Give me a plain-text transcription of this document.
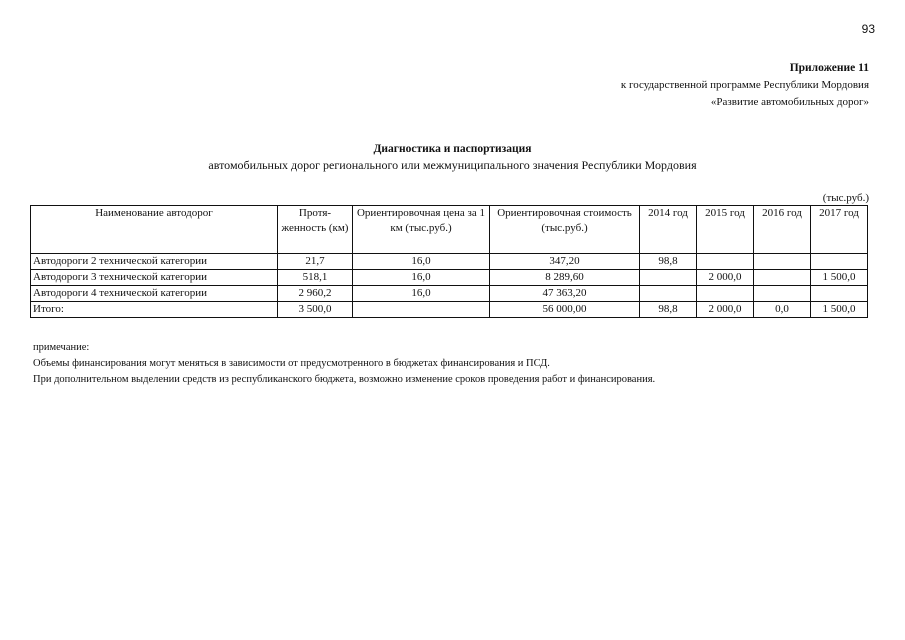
93
Приложение 11
к государственной программе Республики Мордовия
«Развитие автомобильных дорог»
Диагностика и паспортизация
автомобильных дорог регионального или межмуниципального значения Республики Мордовия
(тыс.руб.)
Наименование автодорог	Протя-женность (км)	Ориентировочная цена за 1 км (тыс.руб.)	Ориентировочная стоимость (тыс.руб.)	2014 год	2015 год	2016 год	2017 год
Автодороги 2 технической категории	21,7	16,0	347,20	98,8			
Автодороги 3 технической категории	518,1	16,0	8 289,60		2 000,0		1 500,0
Автодороги 4 технической категории	2 960,2	16,0	47 363,20				
Итого:	3 500,0		56 000,00	98,8	2 000,0	0,0	1 500,0
примечание:
Объемы финансирования могут меняться в зависимости от предусмотренного в бюджетах финансирования и ПСД.
При дополнительном выделении средств из республиканского бюджета, возможно изменение сроков проведения работ и финансирования.
